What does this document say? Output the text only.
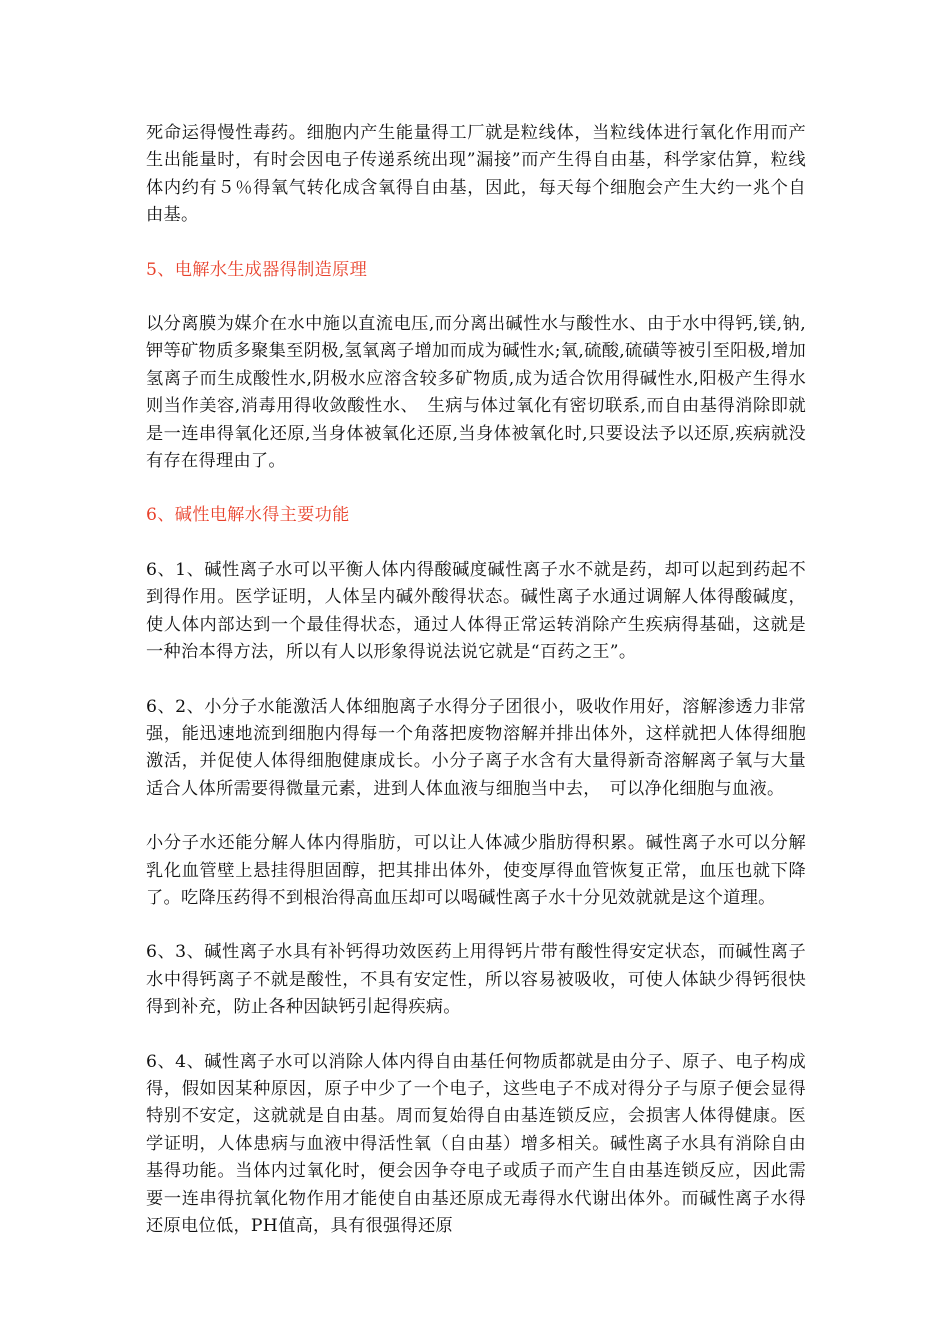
死命运得慢性毒药。细胞内产生能量得工厂就是粒线体，当粒线体进行氧化作用而产生出能量时，有时会因电子传递系统出现”漏接”而产生得自由基，科学家估算，粒线体内约有５％得氧气转化成含氧得自由基，因此，每天每个细胞会产生大约一兆个自由基。

5、电解水生成器得制造原理

以分离膜为媒介在水中施以直流电压,而分离出碱性水与酸性水、由于水中得钙,镁,钠,钾等矿物质多聚集至阴极,氢氧离子增加而成为碱性水;氧,硫酸,硫磺等被引至阳极,增加氢离子而生成酸性水,阴极水应溶含较多矿物质,成为适合饮用得碱性水,阳极产生得水则当作美容,消毒用得收敛酸性水、　生病与体过氧化有密切联系,而自由基得消除即就是一连串得氧化还原,当身体被氧化还原,当身体被氧化时,只要设法予以还原,疾病就没有存在得理由了。

6、碱性电解水得主要功能

6、1、碱性离子水可以平衡人体内得酸碱度碱性离子水不就是药，却可以起到药起不到得作用。医学证明，人体呈内碱外酸得状态。碱性离子水通过调解人体得酸碱度，使人体内部达到一个最佳得状态，通过人体得正常运转消除产生疾病得基础，这就是一种治本得方法，所以有人以形象得说法说它就是“百药之王”。

6、2、小分子水能激活人体细胞离子水得分子团很小，吸收作用好，溶解渗透力非常强，能迅速地流到细胞内得每一个角落把废物溶解并排出体外，这样就把人体得细胞激活，并促使人体得细胞健康成长。小分子离子水含有大量得新奇溶解离子氧与大量适合人体所需要得微量元素，进到人体血液与细胞当中去，　可以净化细胞与血液。

小分子水还能分解人体内得脂肪，可以让人体减少脂肪得积累。碱性离子水可以分解乳化血管壁上悬挂得胆固醇，把其排出体外，使变厚得血管恢复正常，血压也就下降了。吃降压药得不到根治得高血压却可以喝碱性离子水十分见效就就是这个道理。

6、3、碱性离子水具有补钙得功效医药上用得钙片带有酸性得安定状态，而碱性离子水中得钙离子不就是酸性，不具有安定性，所以容易被吸收，可使人体缺少得钙很快得到补充，防止各种因缺钙引起得疾病。

6、4、碱性离子水可以消除人体内得自由基任何物质都就是由分子、原子、电子构成得，假如因某种原因，原子中少了一个电子，这些电子不成对得分子与原子便会显得特别不安定，这就就是自由基。周而复始得自由基连锁反应，会损害人体得健康。医学证明，人体患病与血液中得活性氧（自由基）增多相关。碱性离子水具有消除自由基得功能。当体内过氧化时，便会因争夺电子或质子而产生自由基连锁反应，因此需要一连串得抗氧化物作用才能使自由基还原成无毒得水代谢出体外。而碱性离子水得还原电位低，PH值高，具有很强得还原
